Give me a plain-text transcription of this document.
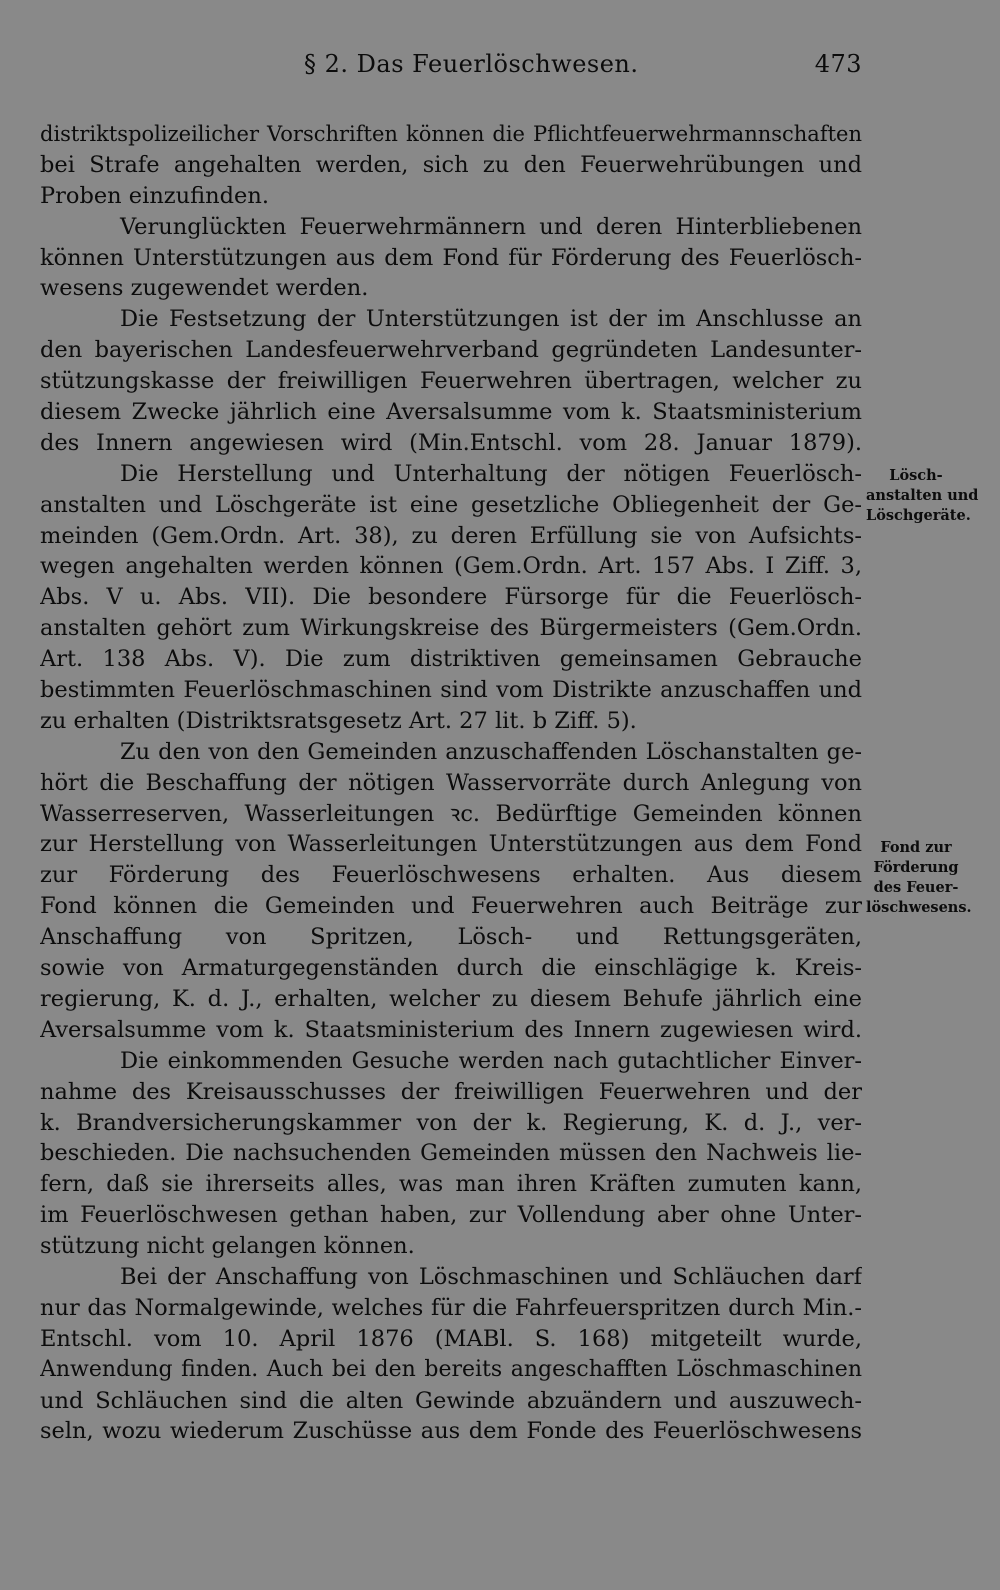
§ 2. Das Feuerlöschwesen.	473
distriktspolizeilicher Vorschriften können die Pflichtfeuerwehrmannschaften
bei Strafe angehalten werden, sich zu den Feuerwehrübungen und
Proben einzufinden.
Verunglückten Feuerwehrmännern und deren Hinterbliebenen
können Unterstützungen aus dem Fond für Förderung des Feuerlösch-
wesens zugewendet werden.
Die Festsetzung der Unterstützungen ist der im Anschlusse an
den bayerischen Landesfeuerwehrverband gegründeten Landesunter-
stützungskasse der freiwilligen Feuerwehren übertragen, welcher zu
diesem Zwecke jährlich eine Aversalsumme vom k. Staatsministerium
des Innern angewiesen wird (Min.Entschl. vom 28. Januar 1879).
Die Herstellung und Unterhaltung der nötigen Feuerlösch-
anstalten und Löschgeräte ist eine gesetzliche Obliegenheit der Ge-
meinden (Gem.Ordn. Art. 38), zu deren Erfüllung sie von Aufsichts-
wegen angehalten werden können (Gem.Ordn. Art. 157 Abs. I Ziff. 3,
Abs. V u. Abs. VII). Die besondere Fürsorge für die Feuerlösch-
anstalten gehört zum Wirkungskreise des Bürgermeisters (Gem.Ordn.
Art. 138 Abs. V). Die zum distriktiven gemeinsamen Gebrauche
bestimmten Feuerlöschmaschinen sind vom Distrikte anzuschaffen und
zu erhalten (Distriktsratsgesetz Art. 27 lit. b Ziff. 5).
Zu den von den Gemeinden anzuschaffenden Löschanstalten ge-
hört die Beschaffung der nötigen Wasservorräte durch Anlegung von
Wasserreserven, Wasserleitungen ꝛc. Bedürftige Gemeinden können
zur Herstellung von Wasserleitungen Unterstützungen aus dem Fond
zur Förderung des Feuerlöschwesens erhalten. Aus diesem
Fond können die Gemeinden und Feuerwehren auch Beiträge zur
Anschaffung von Spritzen, Lösch- und Rettungsgeräten,
sowie von Armaturgegenständen durch die einschlägige k. Kreis-
regierung, K. d. J., erhalten, welcher zu diesem Behufe jährlich eine
Aversalsumme vom k. Staatsministerium des Innern zugewiesen wird.
Die einkommenden Gesuche werden nach gutachtlicher Einver-
nahme des Kreisausschusses der freiwilligen Feuerwehren und der
k. Brandversicherungskammer von der k. Regierung, K. d. J., ver-
beschieden. Die nachsuchenden Gemeinden müssen den Nachweis lie-
fern, daß sie ihrerseits alles, was man ihren Kräften zumuten kann,
im Feuerlöschwesen gethan haben, zur Vollendung aber ohne Unter-
stützung nicht gelangen können.
Bei der Anschaffung von Löschmaschinen und Schläuchen darf
nur das Normalgewinde, welches für die Fahrfeuerspritzen durch Min.-
Entschl. vom 10. April 1876 (MABl. S. 168) mitgeteilt wurde,
Anwendung finden. Auch bei den bereits angeschafften Löschmaschinen
und Schläuchen sind die alten Gewinde abzuändern und auszuwech-
seln, wozu wiederum Zuschüsse aus dem Fonde des Feuerlöschwesens
Lösch-
anstalten und
Löschgeräte.
Fond zur
Förderung
des Feuer-
löschwesens.
